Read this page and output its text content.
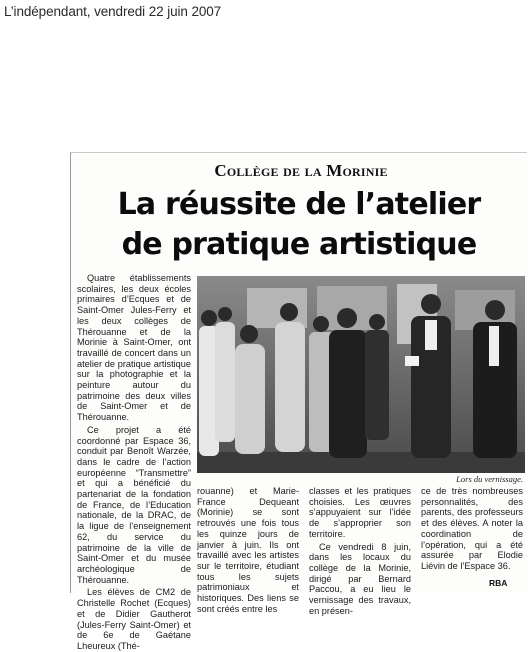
L’indépendant, vendredi 22 juin 2007
Collège de la Morinie
La réussite de l’atelier
de pratique artistique

Quatre établissements scolaires, les deux écoles primaires d’Ecques et de Saint-Omer Jules-Ferry et les deux collèges de Thérouanne et de la Morinie à Saint-Omer, ont travaillé de concert dans un atelier de pratique artistique sur la photographie et la peinture autour du patrimoine des deux villes de Saint-Omer et de Thérouanne.

Ce projet a été coordonné par Espace 36, conduit par Benoît Warzée, dans le cadre de l’action européenne “Transmettre” et qui a bénéficié du partenariat de la fondation de France, de l’Education nationale, de la DRAC, de la ligue de l’enseignement 62, du service du patrimoine de la ville de Saint-Omer et du musée archéologique de Thérouanne.

Les élèves de CM2 de Christelle Rochet (Ecques) et de Didier Gautherot (Jules-Ferry Saint-Omer) et de 6e de Gaétane Lheureux (Thé-

Lors du vernissage.

rouanne) et Marie-France Dequeant (Morinie) se sont retrouvés une fois tous les quinze jours de janvier à juin. Ils ont travaillé avec les artistes sur le territoire, étudiant tous les sujets patrimoniaux et historiques. Des liens se sont créés entre les

classes et les pratiques choisies. Les œuvres s’appuyaient sur l’idée de s’approprier son territoire.

Ce vendredi 8 juin, dans les locaux du collège de la Morinie, dirigé par Bernard Paccou, a eu lieu le vernissage des travaux, en présen-

ce de très nombreuses personnalités, des parents, des professeurs et des élèves. A noter la coordination de l’opération, qui a été assurée par Elodie Liévin de l’Espace 36.

RBA
